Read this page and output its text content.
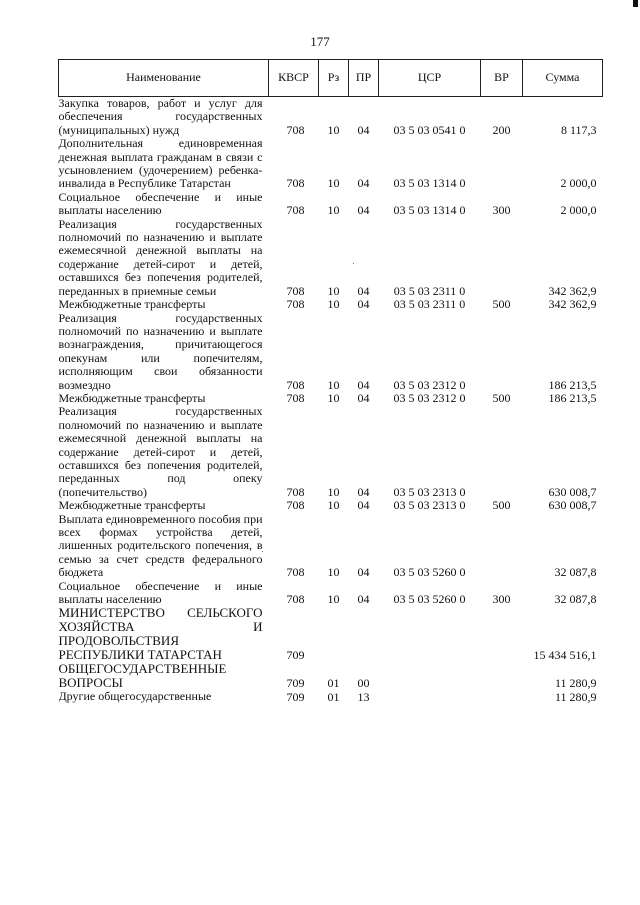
177
Наименование	КВСР	Рз	ПР	ЦСР	ВР	Сумма
Закупка товаров, работ и услуг для обеспечения государственных (муниципальных) нужд	708	10	04	03 5 03 0541 0	200	8 117,3
Дополнительная единовременная денежная выплата гражданам в связи с усыновлением (удочерением) ребенка-инвалида в Республике Татарстан	708	10	04	03 5 03 1314 0		2 000,0
Социальное обеспечение и иные выплаты населению	708	10	04	03 5 03 1314 0	300	2 000,0
Реализация государственных полномочий по назначению и выплате ежемесячной денежной выплаты на содержание детей-сирот и детей, оставшихся без попечения родителей, переданных в приемные семьи	708	10	04	03 5 03 2311 0		342 362,9
Межбюджетные трансферты	708	10	04	03 5 03 2311 0	500	342 362,9
Реализация государственных полномочий по назначению и выплате вознаграждения, причитающегося опекунам или попечителям, исполняющим свои обязанности возмездно	708	10	04	03 5 03 2312 0		186 213,5
Межбюджетные трансферты	708	10	04	03 5 03 2312 0	500	186 213,5
Реализация государственных полномочий по назначению и выплате ежемесячной денежной выплаты на содержание детей-сирот и детей, оставшихся без попечения родителей, переданных под опеку (попечительство)	708	10	04	03 5 03 2313 0		630 008,7
Межбюджетные трансферты	708	10	04	03 5 03 2313 0	500	630 008,7
Выплата единовременного пособия при всех формах устройства детей, лишенных родительского попечения, в семью за счет средств федерального бюджета	708	10	04	03 5 03 5260 0		32 087,8
Социальное обеспечение и иные выплаты населению	708	10	04	03 5 03 5260 0	300	32 087,8
МИНИСТЕРСТВО СЕЛЬСКОГО ХОЗЯЙСТВА И ПРОДОВОЛЬСТВИЯ РЕСПУБЛИКИ ТАТАРСТАН	709					15 434 516,1
ОБЩЕГОСУДАРСТВЕННЫЕ ВОПРОСЫ	709	01	00			11 280,9
Другие общегосударственные	709	01	13			11 280,9
